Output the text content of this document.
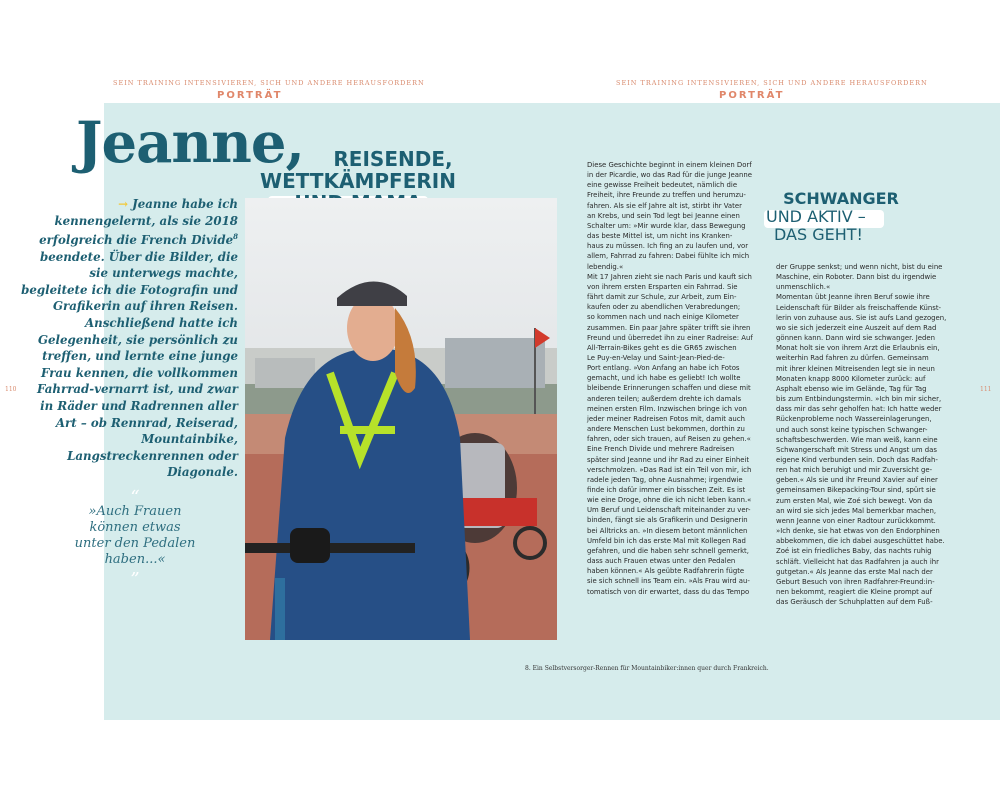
SEIN TRAINING INTENSIVIEREN, SICH UND ANDERE HERAUSFORDERN
PORTRÄT
SEIN TRAINING INTENSIVIEREN, SICH UND ANDERE HERAUSFORDERN
PORTRÄT
110	111
Jeanne,	REISENDE,
WETTKÄMPFERIN
→ Jeanne habe ich kennengelernt, als sie 2018 erfolgreich die French Divide$^8$ beendete. Über die Bilder, die sie unterwegs machte, begleitete ich die Fotografin und Grafikerin auf ihren Reisen. Anschließend hatte ich Gelegenheit, sie persönlich zu treffen, und lernte eine junge Frau kennen, die vollkommen Fahrrad-vernarrt ist, und zwar in Räder und Radrennen aller Art – ob Rennrad, Reiserad, Mountainbike, Langstreckenrennen oder Diagonale.
“
»Auch Frauen
können etwas
unter den Pedalen
haben...«
”

Diese Geschichte beginnt in einem kleinen Dorf

in der Picardie, wo das Rad für die junge Jeanne

eine gewisse Freiheit bedeutet, nämlich die

Freiheit, ihre Freunde zu treffen und herumzu-

fahren. Als sie elf Jahre alt ist, stirbt ihr Vater

an Krebs, und sein Tod legt bei Jeanne einen

Schalter um: »Mir wurde klar, dass Bewegung

das beste Mittel ist, um nicht ins Kranken-

haus zu müssen. Ich fing an zu laufen und, vor

allem, Fahrrad zu fahren: Dabei fühlte ich mich

lebendig.«

Mit 17 Jahren zieht sie nach Paris und kauft sich

von ihrem ersten Ersparten ein Fahrrad. Sie

fährt damit zur Schule, zur Arbeit, zum Ein-

kaufen oder zu abendlichen Verabredungen;

so kommen nach und nach einige Kilometer

zusammen. Ein paar Jahre später trifft sie ihren

Freund und überredet ihn zu einer Radreise: Auf

All-Terrain-Bikes geht es die GR65 zwischen

Le Puy-en-Velay und Saint-Jean-Pied-de-

Port entlang. »Von Anfang an habe ich Fotos

gemacht, und ich habe es geliebt! Ich wollte

bleibende Erinnerungen schaffen und diese mit

anderen teilen; außerdem drehte ich damals

meinen ersten Film. Inzwischen bringe ich von

jeder meiner Radreisen Fotos mit, damit auch

andere Menschen Lust bekommen, dorthin zu

fahren, oder sich trauen, auf Reisen zu gehen.«

Eine French Divide und mehrere Radreisen

später sind Jeanne und ihr Rad zu einer Einheit

verschmolzen. »Das Rad ist ein Teil von mir, ich

radele jeden Tag, ohne Ausnahme; irgendwie

finde ich dafür immer ein bisschen Zeit. Es ist

wie eine Droge, ohne die ich nicht leben kann.«

Um Beruf und Leidenschaft miteinander zu ver-

binden, fängt sie als Grafikerin und Designerin

bei Alltricks an. »In diesem betont männlichen

Umfeld bin ich das erste Mal mit Kollegen Rad

gefahren, und die haben sehr schnell gemerkt,

dass auch Frauen etwas unter den Pedalen

haben können.« Als geübte Radfahrerin fügte

sie sich schnell ins Team ein. »Als Frau wird au-

tomatisch von dir erwartet, dass du das Tempo

SCHWANGER
UND AKTIV –
DAS GEHT!

der Gruppe senkst; und wenn nicht, bist du eine

Maschine, ein Roboter. Dann bist du irgendwie

unmenschlich.«

Momentan übt Jeanne ihren Beruf sowie ihre

Leidenschaft für Bilder als freischaffende Künst-

lerin von zuhause aus. Sie ist aufs Land gezogen,

wo sie sich jederzeit eine Auszeit auf dem Rad

gönnen kann. Dann wird sie schwanger. Jeden

Monat holt sie von ihrem Arzt die Erlaubnis ein,

weiterhin Rad fahren zu dürfen. Gemeinsam

mit ihrer kleinen Mitreisenden legt sie in neun

Monaten knapp 8000 Kilometer zurück: auf

Asphalt ebenso wie im Gelände, Tag für Tag

bis zum Entbindungstermin. »Ich bin mir sicher,

dass mir das sehr geholfen hat: Ich hatte weder

Rückenprobleme noch Wassereinlagerungen,

und auch sonst keine typischen Schwanger-

schaftsbeschwerden. Wie man weiß, kann eine

Schwangerschaft mit Stress und Angst um das

eigene Kind verbunden sein. Doch das Radfah-

ren hat mich beruhigt und mir Zuversicht ge-

geben.« Als sie und ihr Freund Xavier auf einer

gemeinsamen Bikepacking-Tour sind, spürt sie

zum ersten Mal, wie Zoé sich bewegt. Von da

an wird sie sich jedes Mal bemerkbar machen,

wenn Jeanne von einer Radtour zurückkommt.

»Ich denke, sie hat etwas von den Endorphinen

abbekommen, die ich dabei ausgeschüttet habe.

Zoé ist ein friedliches Baby, das nachts ruhig

schläft. Vielleicht hat das Radfahren ja auch ihr

gutgetan.« Als Jeanne das erste Mal nach der

Geburt Besuch von ihren Radfahrer-Freund:in-

nen bekommt, reagiert die Kleine prompt auf

das Geräusch der Schuhplatten auf dem Fuß-

8. Ein Selbstversorger-Rennen für Mountainbiker:innen quer durch Frankreich.
